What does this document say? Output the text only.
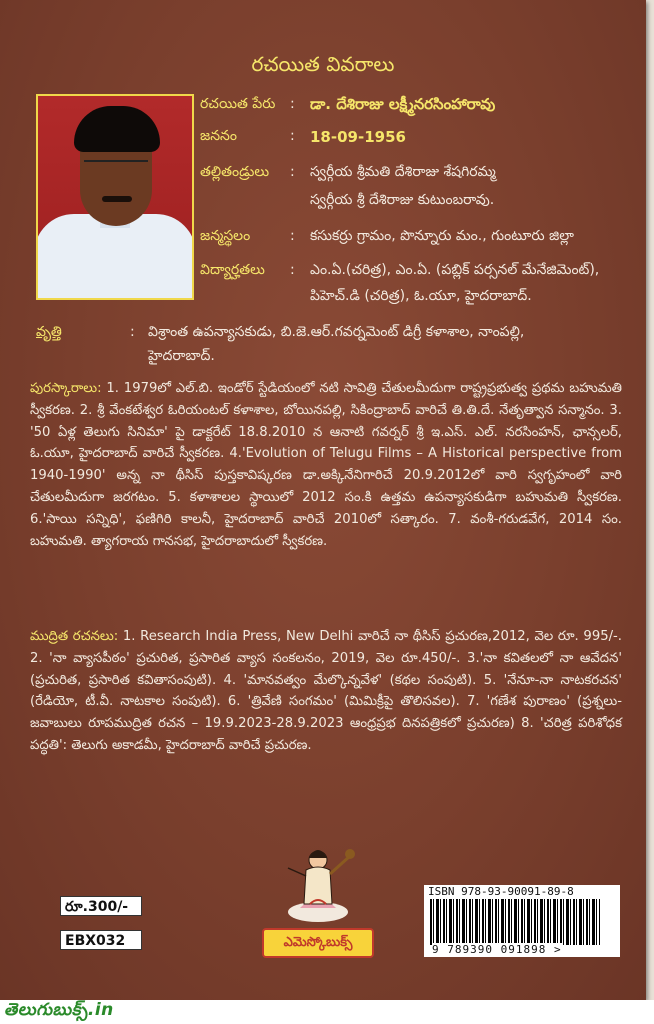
రచయిత వివరాలు
రచయిత పేరు : డా. దేశిరాజు లక్ష్మీనరసింహారావు
జననం	: 18-09-1956
తల్లితండ్రులు : స్వర్గీయ శ్రీమతి దేశిరాజు శేషగిరమ్మ
స్వర్గీయ శ్రీ దేశిరాజు కుటుంబరావు.
జన్మస్థలం	: కసుకర్రు గ్రామం, పొన్నూరు మం., గుంటూరు జిల్లా
విద్యార్హతలు : ఎం.ఏ.(చరిత్ర), ఎం.ఏ. (పబ్లిక్ పర్సనల్ మేనేజిమెంట్),
పిహెచ్.డి (చరిత్ర), ఓ.యూ, హైదరాబాద్.
వృత్తి	: విశ్రాంత ఉపన్యాసకుడు, బి.జె.ఆర్.గవర్నమెంట్ డిగ్రీ కళాశాల, నాంపల్లి,
హైదరాబాద్.
పురస్కారాలు: 1. 1979లో ఎల్.బి. ఇండోర్ స్టేడియంలో నటి సావిత్రి చేతులమీదుగా రాష్ట్రప్రభుత్వ ప్రథమ బహుమతి స్వీకరణ. 2. శ్రీ వేంకటేశ్వర ఓరియంటల్ కళాశాల, బోయినపల్లి, సికింద్రాబాద్ వారిచే తి.తి.దే. నేతృత్వాన సన్మానం. 3. '50 ఏళ్ల తెలుగు సినిమా' పై డాక్టరేట్ 18.8.2010 న ఆనాటి గవర్నర్ శ్రీ ఇ.ఎస్. ఎల్. నరసింహన్, ఛాన్సలర్, ఓ.యూ, హైదరాబాద్ వారిచే స్వీకరణ. 4.'Evolution of Telugu Films – A Historical perspective from 1940-1990' అన్న నా థీసిస్ పుస్తకావిష్కరణ డా.అక్కినేనిగారిచే 20.9.2012లో వారి స్వగృహంలో వారి చేతులమీదుగా జరగటం. 5. కళాశాలల స్థాయిలో 2012 సం.కి ఉత్తమ ఉపన్యాసకుడిగా బహుమతి స్వీకరణ. 6.'సాయి సన్నిధి', ఫణిగిరి కాలనీ, హైదరాబాద్ వారిచే 2010లో సత్కారం. 7. వంశీ-గరుడవేగ, 2014 సం. బహుమతి. త్యాగరాయ గానసభ, హైదరాబాదులో స్వీకరణ.
ముద్రిత రచనలు: 1. Research India Press, New Delhi వారిచే నా థీసిస్ ప్రచురణ,2012, వెల రూ. 995/-. 2. 'నా వ్యాసపీఠం' ప్రచురిత, ప్రసారిత వ్యాస సంకలనం, 2019, వెల రూ.450/-. 3.'నా కవితలలో నా ఆవేదన' (ప్రచురిత, ప్రసారిత కవితాసంపుటి). 4. 'మానవత్వం మేల్కొన్నవేళ' (కథల సంపుటి). 5. 'నేనూ-నా నాటకరచన' (రేడియో, టీ.వీ. నాటకాల సంపుటి). 6. 'త్రివేణి సంగమం' (మిమిక్రీపై తొలిసవల). 7. 'గణేశ పురాణం' (ప్రశ్నలు-జవాబులు రూపముద్రిత రచన – 19.9.2023-28.9.2023 ఆంధ్రప్రభ దినపత్రికలో ప్రచురణ) 8. 'చరిత్ర పరిశోధక పద్ధతి': తెలుగు అకాడమీ, హైదరాబాద్ వారిచే ప్రచురణ.
ఎమెస్కోబుక్స్
రూ.300/-
EBX032
ISBN 978-93-90091-89-8
9 789390 091898 >
తెలుగుబుక్స్.in
